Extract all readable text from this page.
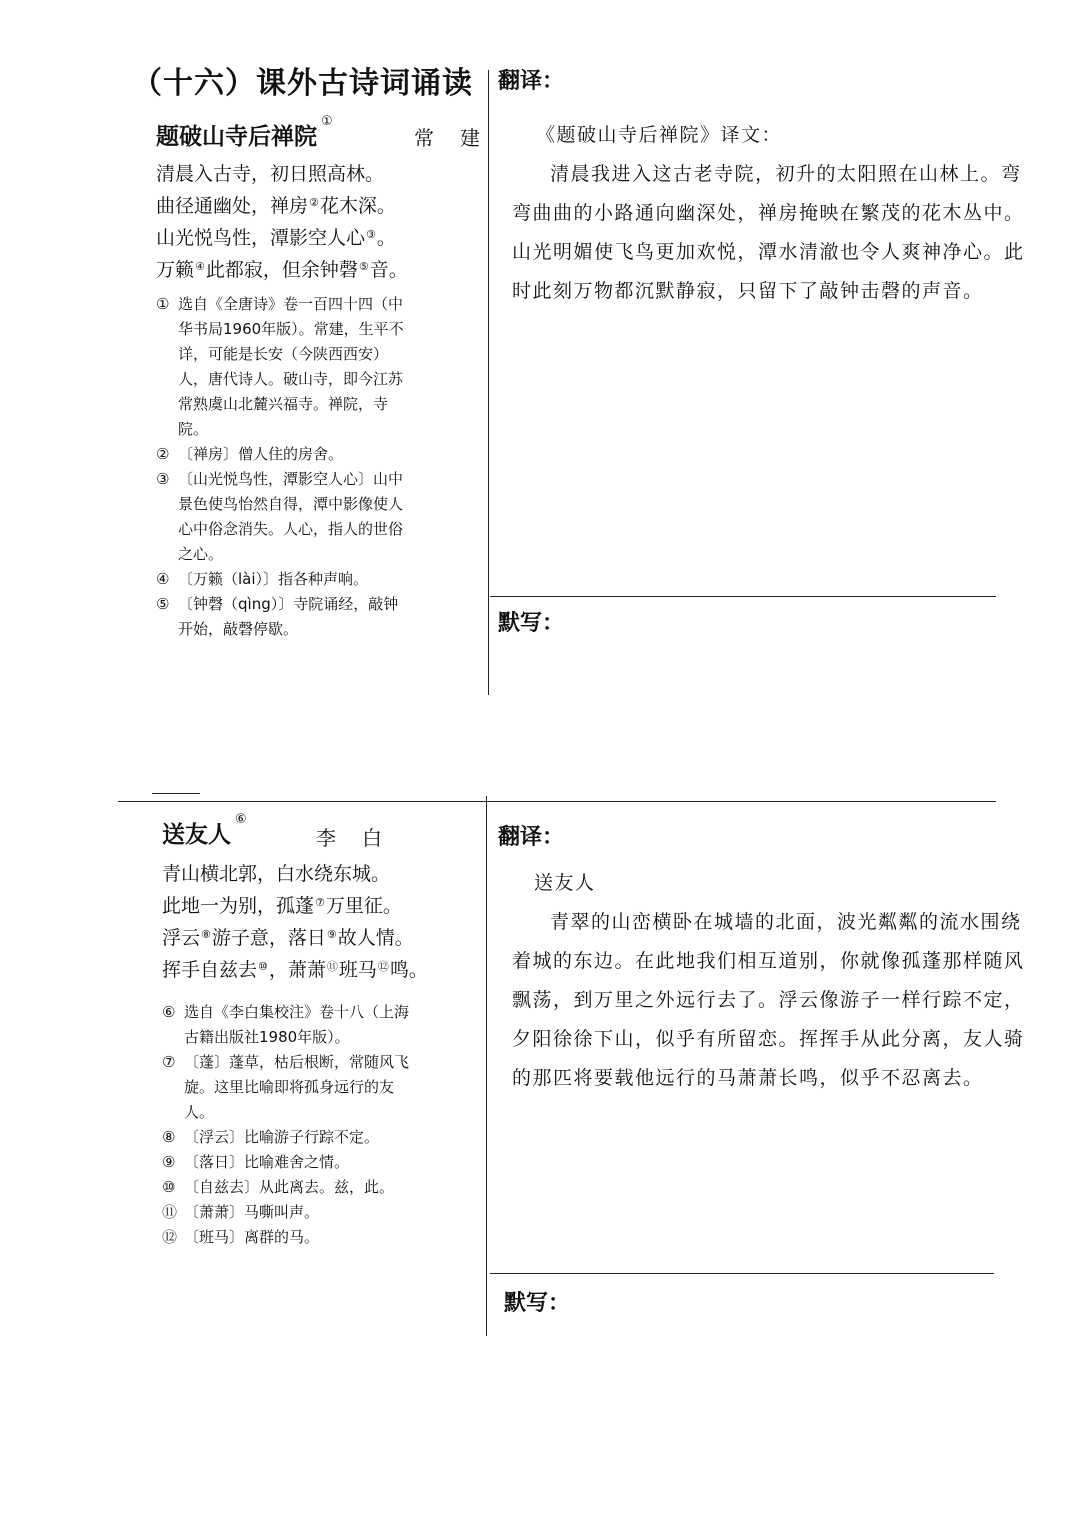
（十六）课外古诗词诵读 翻译：
题破山寺后禅院①
常建
清晨入古寺，初日照高林。
曲径通幽处，禅房②花木深。
山光悦鸟性，潭影空人心③。
万籁④此都寂，但余钟磬⑤音。
① 选自《全唐诗》卷一百四十四（中华书局1960年版）。常建，生平不详，可能是长安（今陕西西安）人，唐代诗人。破山寺，即今江苏常熟虞山北麓兴福寺。禅院，寺院。
② 〔禅房〕僧人住的房舍。
③ 〔山光悦鸟性，潭影空人心〕山中景色使鸟怡然自得，潭中影像使人心中俗念消失。人心，指人的世俗之心。
④ 〔万籁（lài）〕指各种声响。
⑤ 〔钟磬（qìng）〕寺院诵经，敲钟开始，敲磬停歇。

《题破山寺后禅院》译文：

清晨我进入这古老寺院，初升的太阳照在山林上。弯弯曲曲的小路通向幽深处，禅房掩映在繁茂的花木丛中。山光明媚使飞鸟更加欢悦，潭水清澈也令人爽神净心。此时此刻万物都沉默静寂，只留下了敲钟击磬的声音。

默写：
翻译：
送友人⑥
李白
青山横北郭，白水绕东城。
此地一为别，孤蓬⑦万里征。
浮云⑧游子意，落日⑨故人情。
挥手自兹去⑩，萧萧⑪班马⑫鸣。
⑥ 选自《李白集校注》卷十八（上海古籍出版社1980年版）。
⑦ 〔蓬〕蓬草，枯后根断，常随风飞旋。这里比喻即将孤身远行的友人。
⑧ 〔浮云〕比喻游子行踪不定。
⑨ 〔落日〕比喻难舍之情。
⑩ 〔自兹去〕从此离去。兹，此。
⑪ 〔萧萧〕马嘶叫声。
⑫ 〔班马〕离群的马。

送友人

青翠的山峦横卧在城墙的北面，波光粼粼的流水围绕着城的东边。在此地我们相互道别，你就像孤蓬那样随风飘荡，到万里之外远行去了。浮云像游子一样行踪不定，夕阳徐徐下山，似乎有所留恋。挥挥手从此分离，友人骑的那匹将要载他远行的马萧萧长鸣，似乎不忍离去。

默写：
